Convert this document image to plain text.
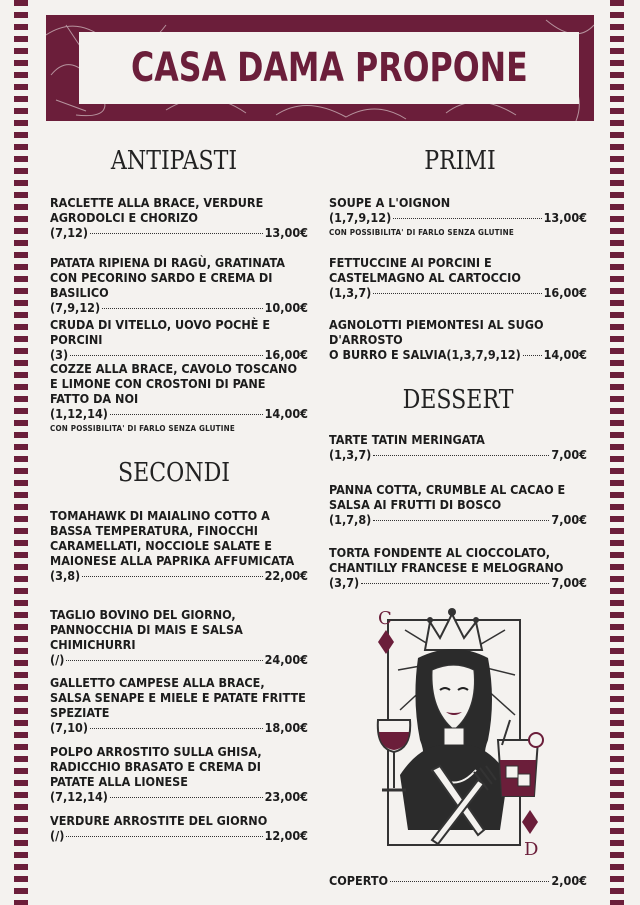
CASA DAMA PROPONE
ANTIPASTI
RACLETTE ALLA BRACE, VERDURE AGRODOLCI E CHORIZO
(7,12)	13,00€
PATATA RIPIENA DI RAGÙ, GRATINATA CON PECORINO SARDO E CREMA DI BASILICO
(7,9,12)	10,00€
CRUDA DI VITELLO, UOVO POCHÈ E PORCINI
(3)	16,00€
COZZE ALLA BRACE, CAVOLO TOSCANO E LIMONE CON CROSTONI DI PANE FATTO DA NOI
(1,12,14)	14,00€
CON POSSIBILITA' DI FARLO SENZA GLUTINE
SECONDI
TOMAHAWK DI MAIALINO COTTO A BASSA TEMPERATURA, FINOCCHI CARAMELLATI, NOCCIOLE SALATE E MAIONESE ALLA PAPRIKA AFFUMICATA
(3,8)	22,00€
TAGLIO BOVINO DEL GIORNO, PANNOCCHIA DI MAIS E SALSA CHIMICHURRI
(/)	24,00€
GALLETTO CAMPESE ALLA BRACE, SALSA SENAPE E MIELE E PATATE FRITTE SPEZIATE
(7,10)	18,00€
POLPO ARROSTITO SULLA GHISA, RADICCHIO BRASATO E CREMA DI PATATE ALLA LIONESE
(7,12,14)	23,00€
VERDURE ARROSTITE DEL GIORNO
(/)	12,00€
PRIMI
SOUPE A L'OIGNON
(1,7,9,12)	13,00€
CON POSSIBILITA' DI FARLO SENZA GLUTINE
FETTUCCINE AI PORCINI E CASTELMAGNO AL CARTOCCIO
(1,3,7)	16,00€
AGNOLOTTI PIEMONTESI AL SUGO D'ARROSTO
O BURRO E SALVIA(1,3,7,9,12) 14,00€
DESSERT
TARTE TATIN MERINGATA
(1,3,7)	7,00€
PANNA COTTA, CRUMBLE AL CACAO E SALSA AI FRUTTI DI BOSCO
(1,7,8)	7,00€
TORTA FONDENTE AL CIOCCOLATO, CHANTILLY FRANCESE E MELOGRANO
(3,7)	7,00€
C
D
COPERTO	2,00€
